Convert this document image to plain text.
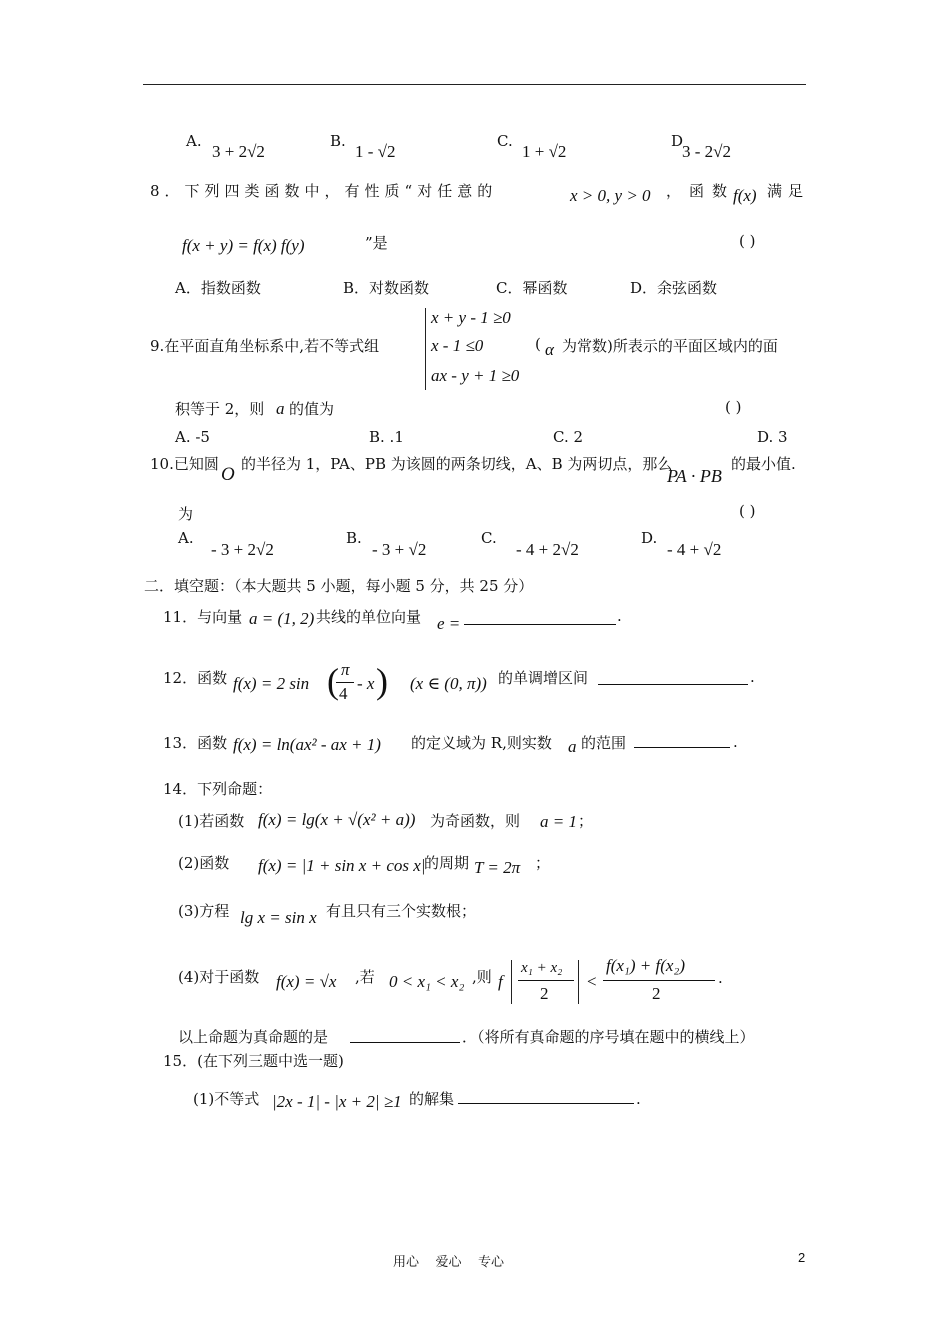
A.
3 + 2√2
B.
1 - √2
C.
1 + √2
D
3 - 2√2
8．下列四类函数中，有性质“对任意的	x > 0, y > 0 ，函数
f(x) 满足
f(x + y) = f(x) f(y)	”是	( )
A．指数函数	B．对数函数	C．幂函数	D．余弦函数
9.在平面直角坐标系中,若不等式组
x + y - 1 ≥0
x - 1 ≤0
ax - y + 1 ≥0
( α 为常数)所表示的平面区域内的面
积等于 2，则 a 的值为	( )
A. -5	B. .1	C. 2	D. 3
10.已知圆 O 的半径为 1，PA、PB 为该圆的两条切线，A、B 为两切点，那么
PA · PB
的最小值.
为	( )
A.
- 3 + 2√2
B.
- 3 + √2
C.
- 4 + 2√2
D.
- 4 + √2
二．填空题：（本大题共 5 小题，每小题 5 分，共 25 分）
11．与向量 a = (1, 2) 共线的单位向量 e =	.
12．函数 f(x) = 2 sin ( π
4
- x ) (x ∈ (0, π)) 的单调增区间	.
13．函数 f(x) = ln(ax² - ax + 1) 的定义域为 R,则实数 a 的范围	.
14．下列命题：
(1)若函数 f(x) = lg(x + √(x² + a)) 为奇函数，则 a = 1 ；
(2)函数 f(x) = |1 + sin x + cos x|
的周期 T = 2π ；
(3)方程 lg x = sin x 有且只有三个实数根；
(4)对于函数 f(x) = √x ,若 0 < x₁ < x₂ ,则 f
x₁ + x₂
2
<
f(x₁) + f(x₂)
2
.
以上命题为真命题的是	．（将所有真命题的序号填在题中的横线上）
15．(在下列三题中选一题)
(1)不等式 |2x - 1| - |x + 2| ≥1 的解集	.
用心    爱心    专心	2
